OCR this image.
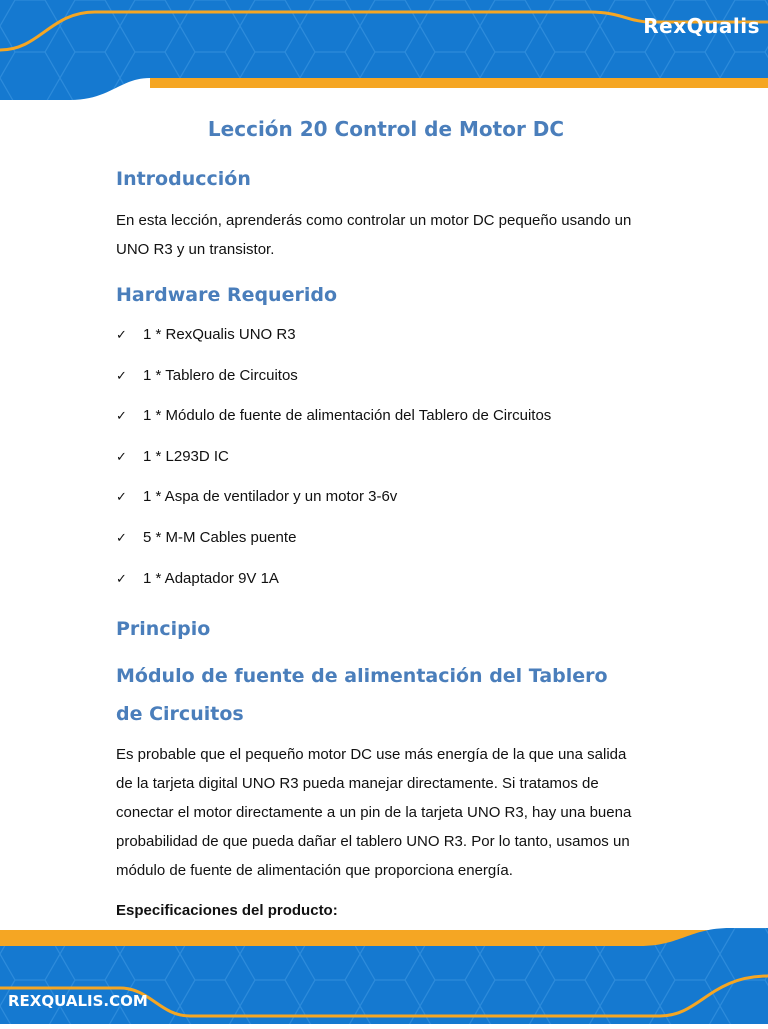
RexQualis
Lección 20 Control de Motor DC
Introducción

En esta lección, aprenderás como controlar un motor DC pequeño usando un

UNO R3 y un transistor.

Hardware Requerido
✓	1 * RexQualis UNO R3
✓	1 * Tablero de Circuitos
✓	1 * Módulo de fuente de alimentación del Tablero de Circuitos
✓	1 * L293D IC
✓	1 * Aspa de ventilador y un motor 3-6v
✓	5 * M-M Cables puente
✓	1 * Adaptador 9V 1A
Principio
Módulo de fuente de alimentación del Tablero
de Circuitos

Es probable que el pequeño motor DC use más energía de la que una salida

de la tarjeta digital UNO R3 pueda manejar directamente. Si tratamos de

conectar el motor directamente a un pin de la tarjeta UNO R3, hay una buena

probabilidad de que pueda dañar el tablero UNO R3. Por lo tanto, usamos un

módulo de fuente de alimentación que proporciona energía.

Especificaciones del producto:
REXQUALIS.COM
